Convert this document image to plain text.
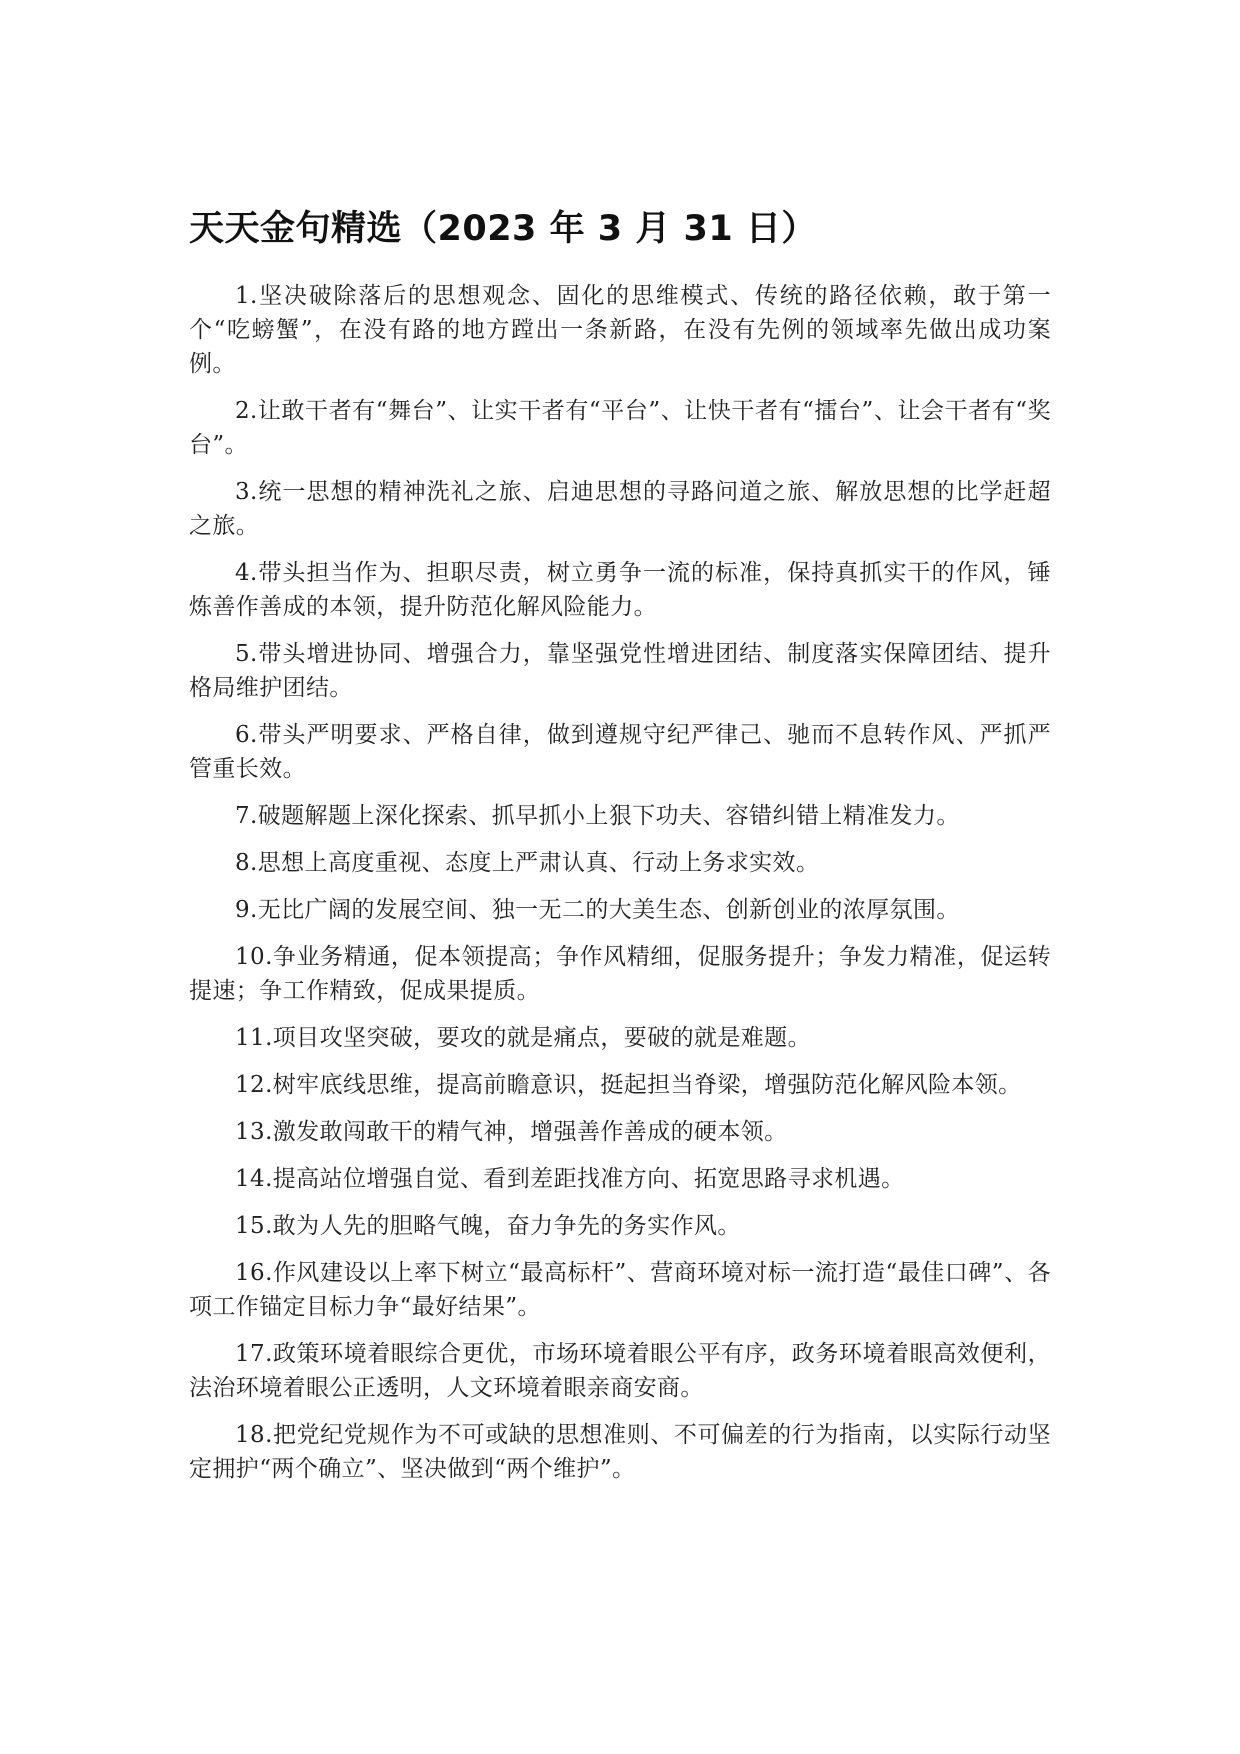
天天金句精选（2023 年 3 月 31 日）

1.坚决破除落后的思想观念、固化的思维模式、传统的路径依赖，敢于第一个“吃螃蟹”，在没有路的地方蹚出一条新路，在没有先例的领域率先做出成功案例。

2.让敢干者有“舞台”、让实干者有“平台”、让快干者有“擂台”、让会干者有“奖台”。

3.统一思想的精神洗礼之旅、启迪思想的寻路问道之旅、解放思想的比学赶超之旅。

4.带头担当作为、担职尽责，树立勇争一流的标准，保持真抓实干的作风，锤炼善作善成的本领，提升防范化解风险能力。

5.带头增进协同、增强合力，靠坚强党性增进团结、制度落实保障团结、提升格局维护团结。

6.带头严明要求、严格自律，做到遵规守纪严律己、驰而不息转作风、严抓严管重长效。

7.破题解题上深化探索、抓早抓小上狠下功夫、容错纠错上精准发力。

8.思想上高度重视、态度上严肃认真、行动上务求实效。

9.无比广阔的发展空间、独一无二的大美生态、创新创业的浓厚氛围。

10.争业务精通，促本领提高；争作风精细，促服务提升；争发力精准，促运转提速；争工作精致，促成果提质。

11.项目攻坚突破，要攻的就是痛点，要破的就是难题。

12.树牢底线思维，提高前瞻意识，挺起担当脊梁，增强防范化解风险本领。

13.激发敢闯敢干的精气神，增强善作善成的硬本领。

14.提高站位增强自觉、看到差距找准方向、拓宽思路寻求机遇。

15.敢为人先的胆略气魄，奋力争先的务实作风。

16.作风建设以上率下树立“最高标杆”、营商环境对标一流打造“最佳口碑”、各项工作锚定目标力争“最好结果”。

17.政策环境着眼综合更优，市场环境着眼公平有序，政务环境着眼高效便利，法治环境着眼公正透明，人文环境着眼亲商安商。

18.把党纪党规作为不可或缺的思想准则、不可偏差的行为指南，以实际行动坚定拥护“两个确立”、坚决做到“两个维护”。
